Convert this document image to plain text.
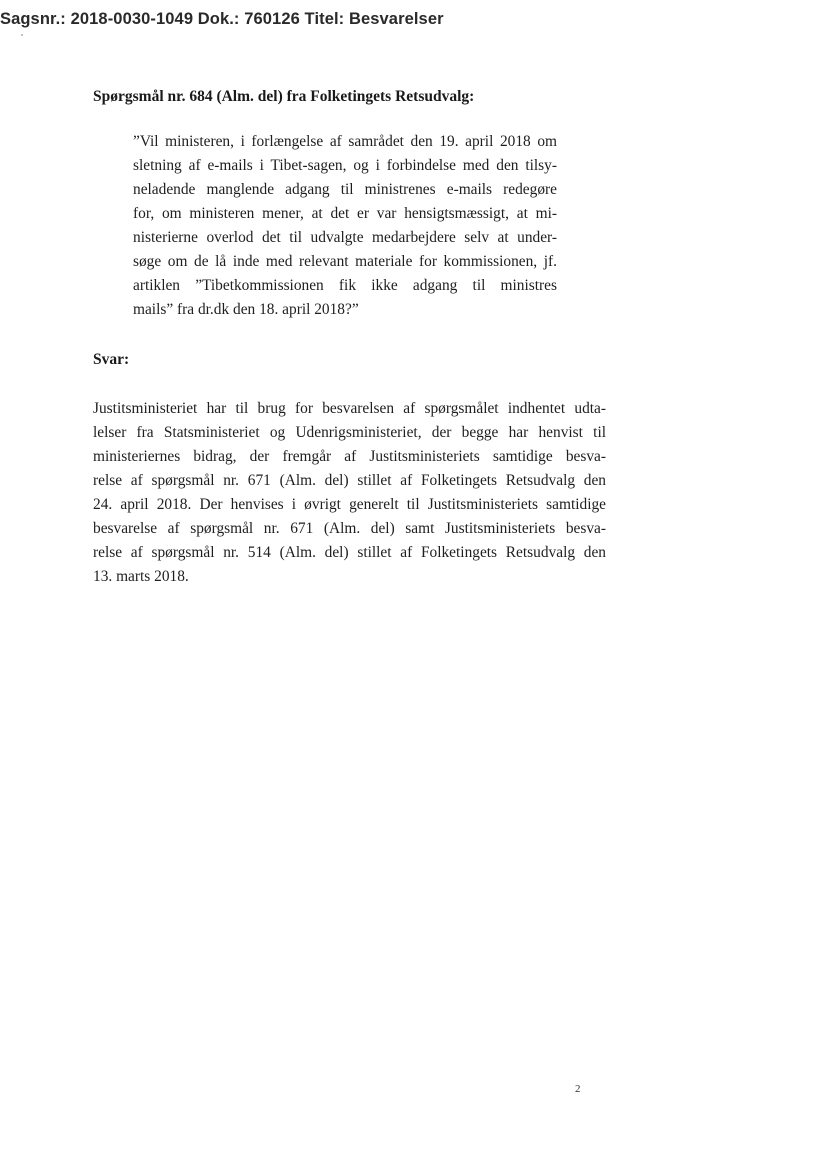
Sagsnr.: 2018-0030-1049 Dok.: 760126 Titel: Besvarelser
Spørgsmål nr. 684 (Alm. del) fra Folketingets Retsudvalg:
”Vil ministeren, i forlængelse af samrådet den 19. april 2018 om
sletning af e-mails i Tibet-sagen, og i forbindelse med den tilsy-
neladende manglende adgang til ministrenes e-mails redegøre
for, om ministeren mener, at det er var hensigtsmæssigt, at mi-
nisterierne overlod det til udvalgte medarbejdere selv at under-
søge om de lå inde med relevant materiale for kommissionen, jf.
artiklen ”Tibetkommissionen fik ikke adgang til ministres
mails” fra dr.dk den 18. april 2018?”
Svar:
Justitsministeriet har til brug for besvarelsen af spørgsmålet indhentet udta-
lelser fra Statsministeriet og Udenrigsministeriet, der begge har henvist til
ministeriernes bidrag, der fremgår af Justitsministeriets samtidige besva-
relse af spørgsmål nr. 671 (Alm. del) stillet af Folketingets Retsudvalg den
24. april 2018. Der henvises i øvrigt generelt til Justitsministeriets samtidige
besvarelse af spørgsmål nr. 671 (Alm. del) samt Justitsministeriets besva-
relse af spørgsmål nr. 514 (Alm. del) stillet af Folketingets Retsudvalg den
13. marts 2018.
2
